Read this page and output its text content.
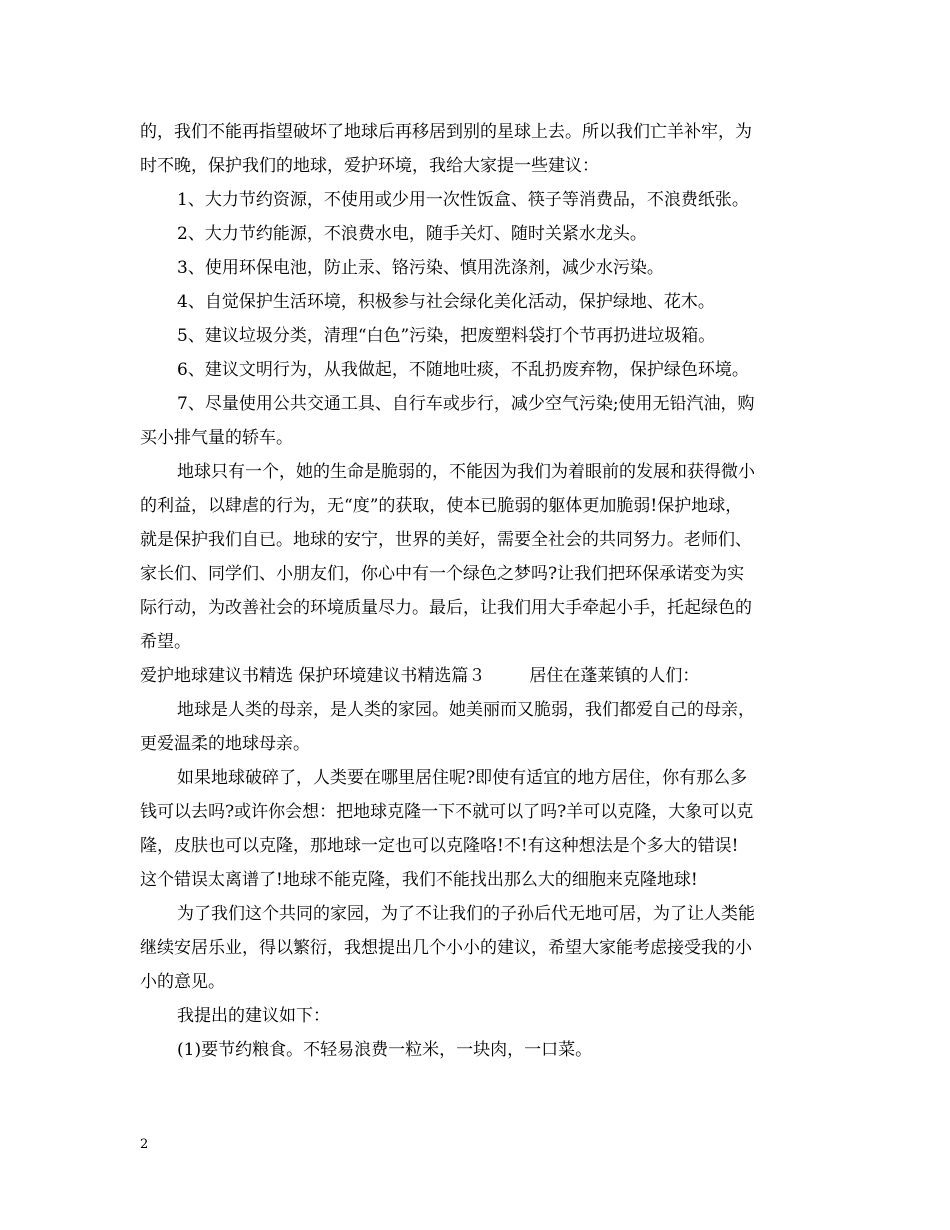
的，我们不能再指望破坏了地球后再移居到别的星球上去。所以我们亡羊补牢，为
时不晚，保护我们的地球，爱护环境，我给大家提一些建议：
1、大力节约资源，不使用或少用一次性饭盒、筷子等消费品，不浪费纸张。
2、大力节约能源，不浪费水电，随手关灯、随时关紧水龙头。
3、使用环保电池，防止汞、铬污染、慎用洗涤剂，减少水污染。
4、自觉保护生活环境，积极参与社会绿化美化活动，保护绿地、花木。
5、建议垃圾分类，清理“白色”污染，把废塑料袋打个节再扔进垃圾箱。
6、建议文明行为，从我做起，不随地吐痰，不乱扔废弃物，保护绿色环境。
7、尽量使用公共交通工具、自行车或步行，减少空气污染;使用无铅汽油，购
买小排气量的轿车。
地球只有一个，她的生命是脆弱的，不能因为我们为着眼前的发展和获得微小
的利益，以肆虐的行为，无“度”的获取，使本已脆弱的躯体更加脆弱!保护地球，
就是保护我们自已。地球的安宁，世界的美好，需要全社会的共同努力。老师们、
家长们、同学们、小朋友们，你心中有一个绿色之梦吗?让我们把环保承诺变为实
际行动，为改善社会的环境质量尽力。最后，让我们用大手牵起小手，托起绿色的
希望。
爱护地球建议书精选 保护环境建议书精选篇３	居住在蓬莱镇的人们：
地球是人类的母亲，是人类的家园。她美丽而又脆弱，我们都爱自己的母亲，
更爱温柔的地球母亲。
如果地球破碎了，人类要在哪里居住呢?即使有适宜的地方居住，你有那么多
钱可以去吗?或许你会想：把地球克隆一下不就可以了吗?羊可以克隆，大象可以克
隆，皮肤也可以克隆，那地球一定也可以克隆咯!不!有这种想法是个多大的错误!
这个错误太离谱了!地球不能克隆，我们不能找出那么大的细胞来克隆地球!
为了我们这个共同的家园，为了不让我们的子孙后代无地可居，为了让人类能
继续安居乐业，得以繁衍，我想提出几个小小的建议，希望大家能考虑接受我的小
小的意见。
我提出的建议如下：
(1)要节约粮食。不轻易浪费一粒米，一块肉，一口菜。
2
